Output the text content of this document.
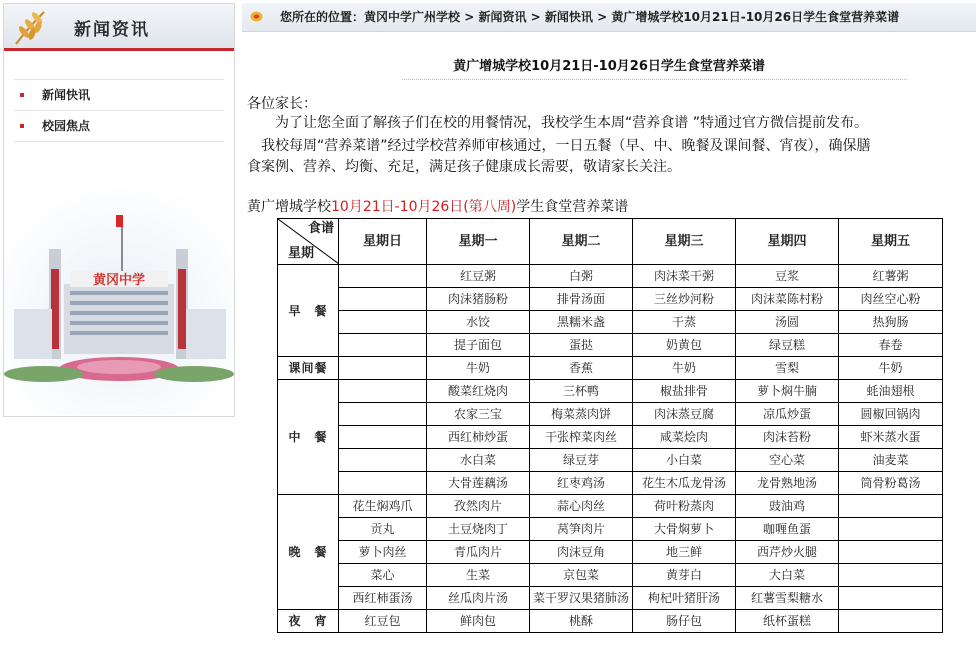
新闻资讯
新闻快讯
校园焦点
黄冈中学
您所在的位置：黄冈中学广州学校 > 新闻资讯 > 新闻快讯 > 黄广增城学校10月21日-10月26日学生食堂营养菜谱
黄广增城学校10月21日-10月26日学生食堂营养菜谱
各位家长：
为了让您全面了解孩子们在校的用餐情况，我校学生本周“营养食谱 ”特通过官方微信提前发布。
我校每周“营养菜谱”经过学校营养师审核通过，一日五餐（早、中、晚餐及课间餐、宵夜），确保膳
食案例、营养、均衡、充足，满足孩子健康成长需要，敬请家长关注。
黄广增城学校10月21日-10月26日(第八周)学生食堂营养菜谱
食谱
星期	星期日	星期一	星期二	星期三	星期四	星期五
早　餐		红豆粥	白粥	肉沫菜干粥	豆浆	红薯粥
		肉沫猪肠粉	排骨汤面	三丝炒河粉	肉沫菜陈村粉	肉丝空心粉
		水饺	黑糯米盏	干蒸	汤圆	热狗肠
		提子面包	蛋挞	奶黄包	绿豆糕	春卷
课间餐		牛奶	香蕉	牛奶	雪梨	牛奶
中　餐		酸菜红烧肉	三杯鸭	椒盐排骨	萝卜焖牛腩	蚝油翅根
		农家三宝	梅菜蒸肉饼	肉沫蒸豆腐	凉瓜炒蛋	圆椒回锅肉
		西红柿炒蛋	干张榨菜肉丝	咸菜烩肉	肉沫苔粉	虾米蒸水蛋
		水白菜	绿豆芽	小白菜	空心菜	油麦菜
		大骨莲藕汤	红枣鸡汤	花生木瓜龙骨汤	龙骨熟地汤	筒骨粉葛汤
晚　餐	花生焖鸡爪	孜然肉片	蒜心肉丝	荷叶粉蒸肉	豉油鸡	
	贡丸	土豆烧肉丁	莴笋肉片	大骨焖萝卜	咖喱鱼蛋	
	萝卜肉丝	青瓜肉片	肉沫豆角	地三鲜	西芹炒火腿	
	菜心	生菜	京包菜	黄芽白	大白菜	
	西红柿蛋汤	丝瓜肉片汤	菜干罗汉果猪肺汤	枸杞叶猪肝汤	红薯雪梨糖水	
夜　宵	红豆包	鲜肉包	桃酥	肠仔包	纸杯蛋糕	
